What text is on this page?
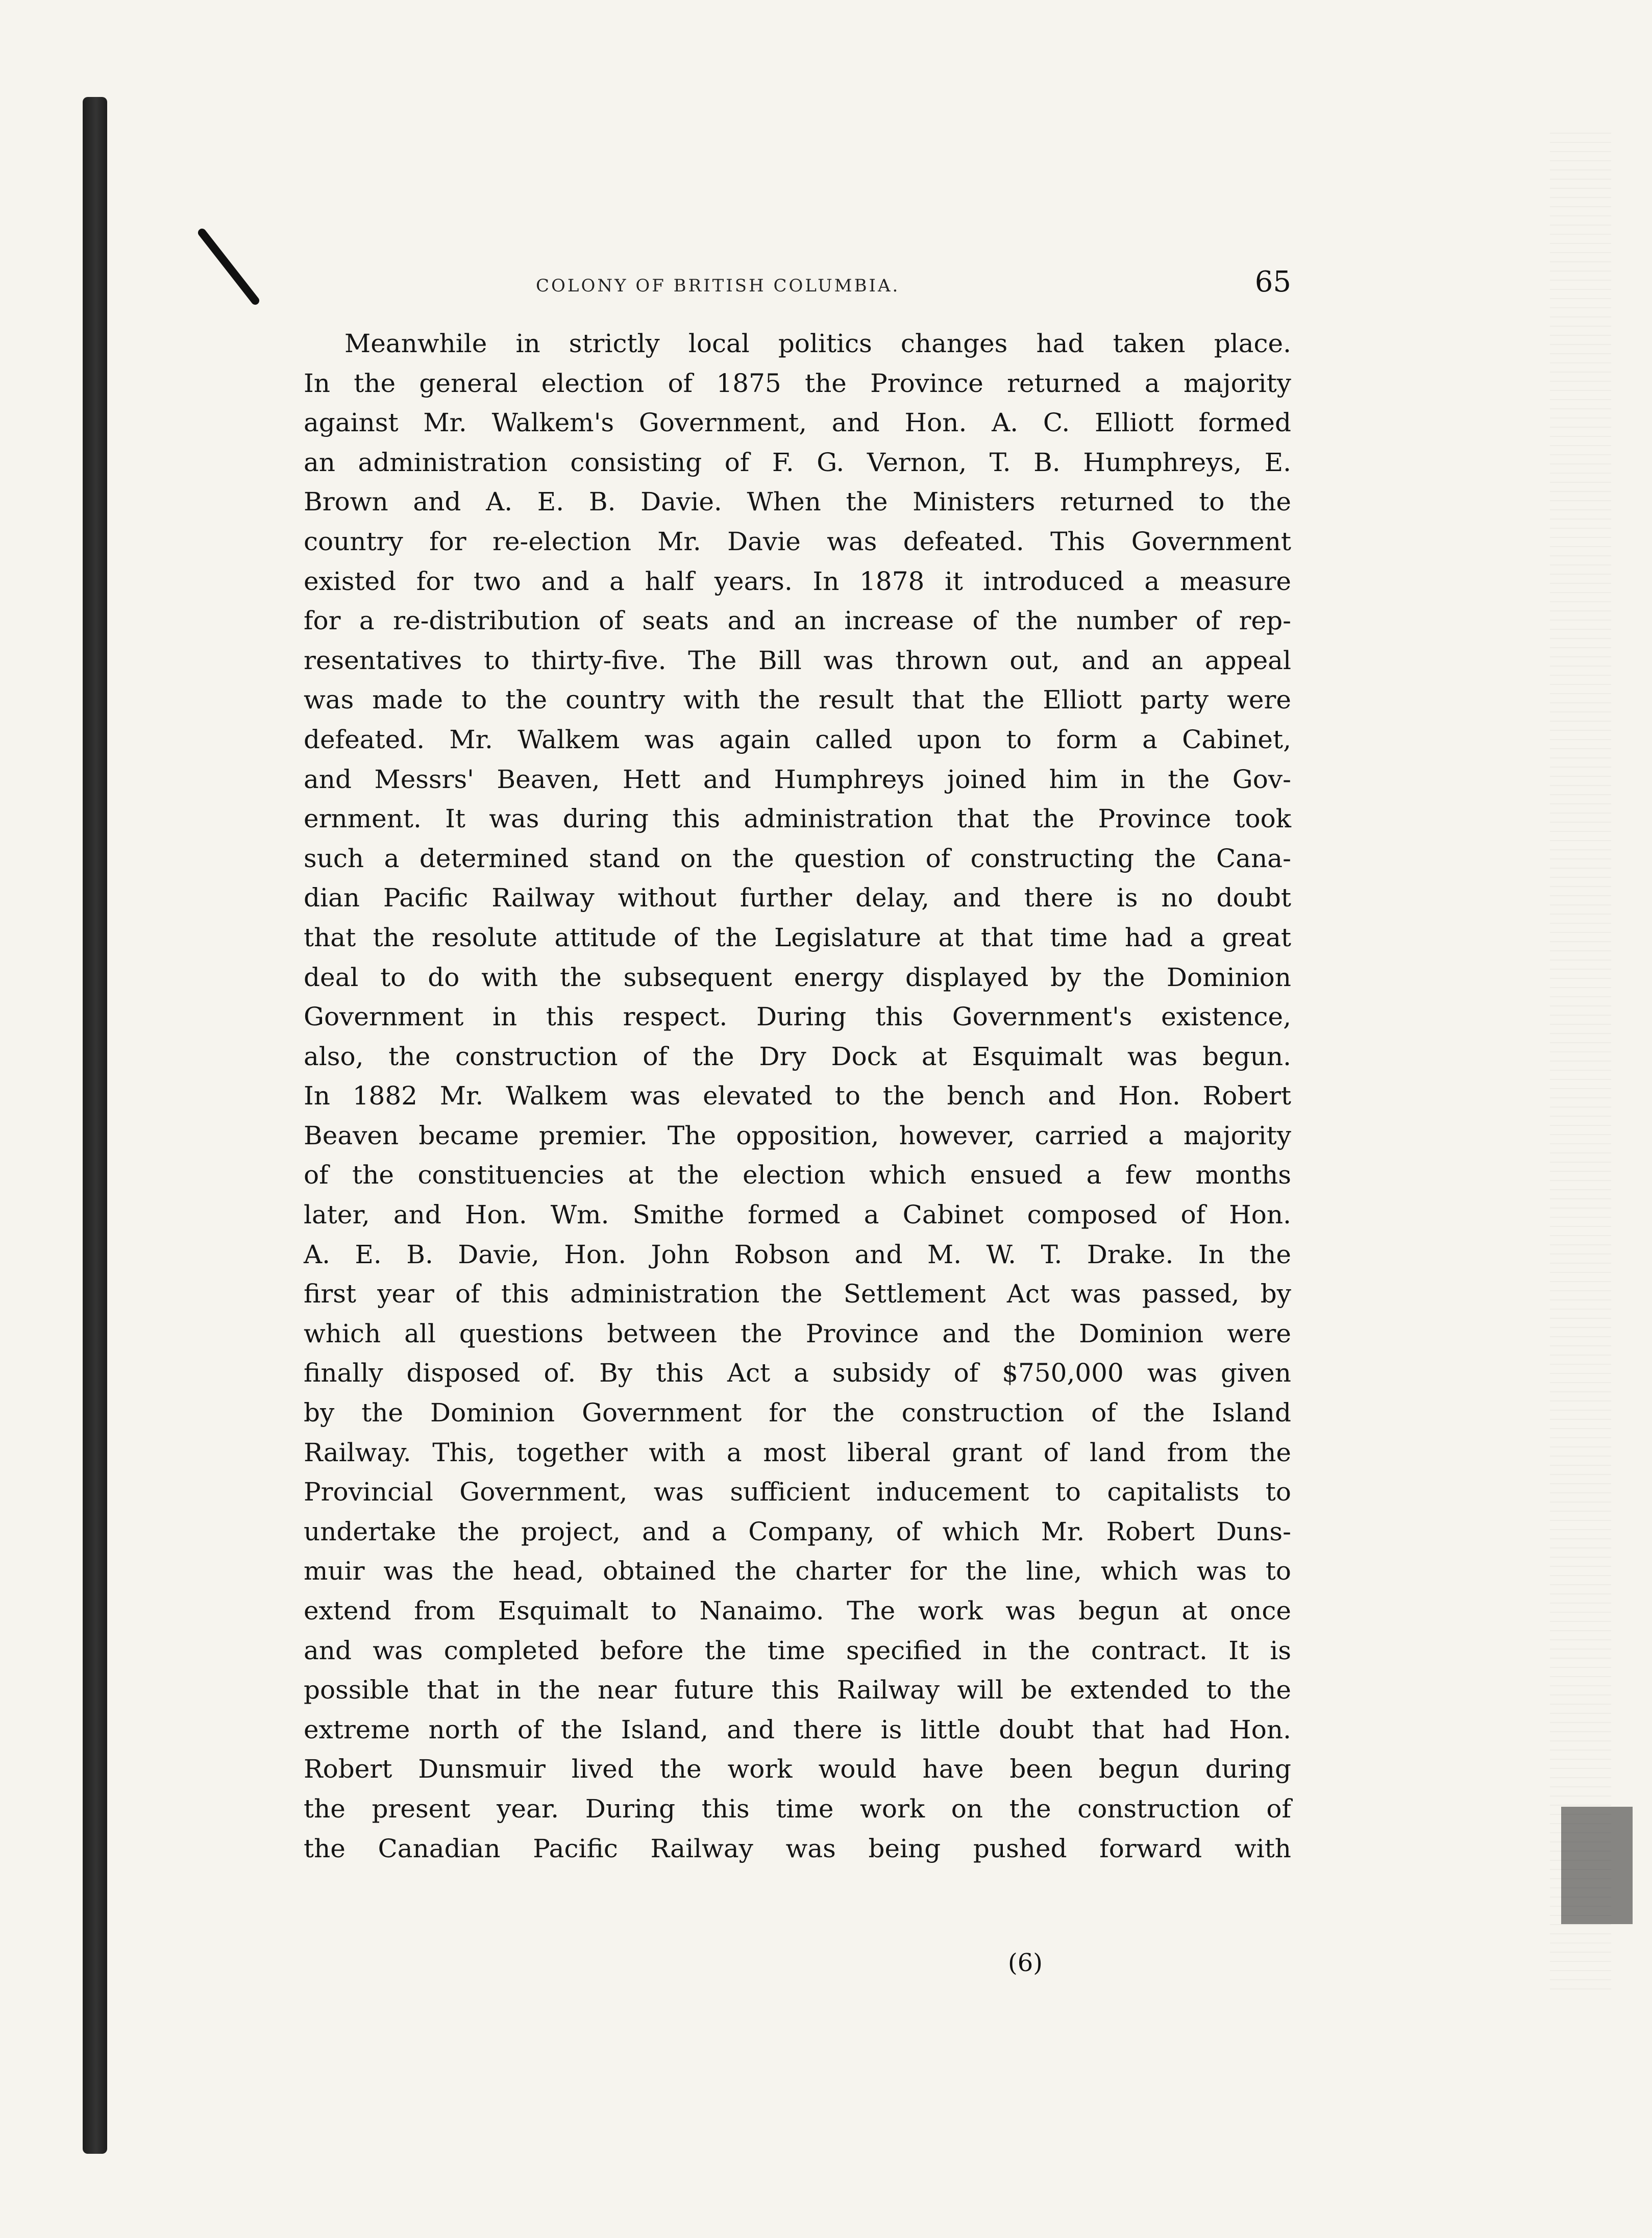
COLONY OF BRITISH COLUMBIA.	65
Meanwhile in strictly local politics changes had taken place.
In the general election of 1875 the Province returned a majority
against Mr. Walkem's Government, and Hon. A. C. Elliott formed
an administration consisting of F. G. Vernon, T. B. Humphreys, E.
Brown and A. E. B. Davie. When the Ministers returned to the
country for re-election Mr. Davie was defeated. This Government
existed for two and a half years. In 1878 it introduced a measure
for a re-distribution of seats and an increase of the number of rep-
resentatives to thirty-five. The Bill was thrown out, and an appeal
was made to the country with the result that the Elliott party were
defeated. Mr. Walkem was again called upon to form a Cabinet,
and Messrs' Beaven, Hett and Humphreys joined him in the Gov-
ernment. It was during this administration that the Province took
such a determined stand on the question of constructing the Cana-
dian Pacific Railway without further delay, and there is no doubt
that the resolute attitude of the Legislature at that time had a great
deal to do with the subsequent energy displayed by the Dominion
Government in this respect. During this Government's existence,
also, the construction of the Dry Dock at Esquimalt was begun.
In 1882 Mr. Walkem was elevated to the bench and Hon. Robert
Beaven became premier. The opposition, however, carried a majority
of the constituencies at the election which ensued a few months
later, and Hon. Wm. Smithe formed a Cabinet composed of Hon.
A. E. B. Davie, Hon. John Robson and M. W. T. Drake. In the
first year of this administration the Settlement Act was passed, by
which all questions between the Province and the Dominion were
finally disposed of. By this Act a subsidy of $750,000 was given
by the Dominion Government for the construction of the Island
Railway. This, together with a most liberal grant of land from the
Provincial Government, was sufficient inducement to capitalists to
undertake the project, and a Company, of which Mr. Robert Duns-
muir was the head, obtained the charter for the line, which was to
extend from Esquimalt to Nanaimo. The work was begun at once
and was completed before the time specified in the contract. It is
possible that in the near future this Railway will be extended to the
extreme north of the Island, and there is little doubt that had Hon.
Robert Dunsmuir lived the work would have been begun during
the present year. During this time work on the construction of
the Canadian Pacific Railway was being pushed forward with
(6)
